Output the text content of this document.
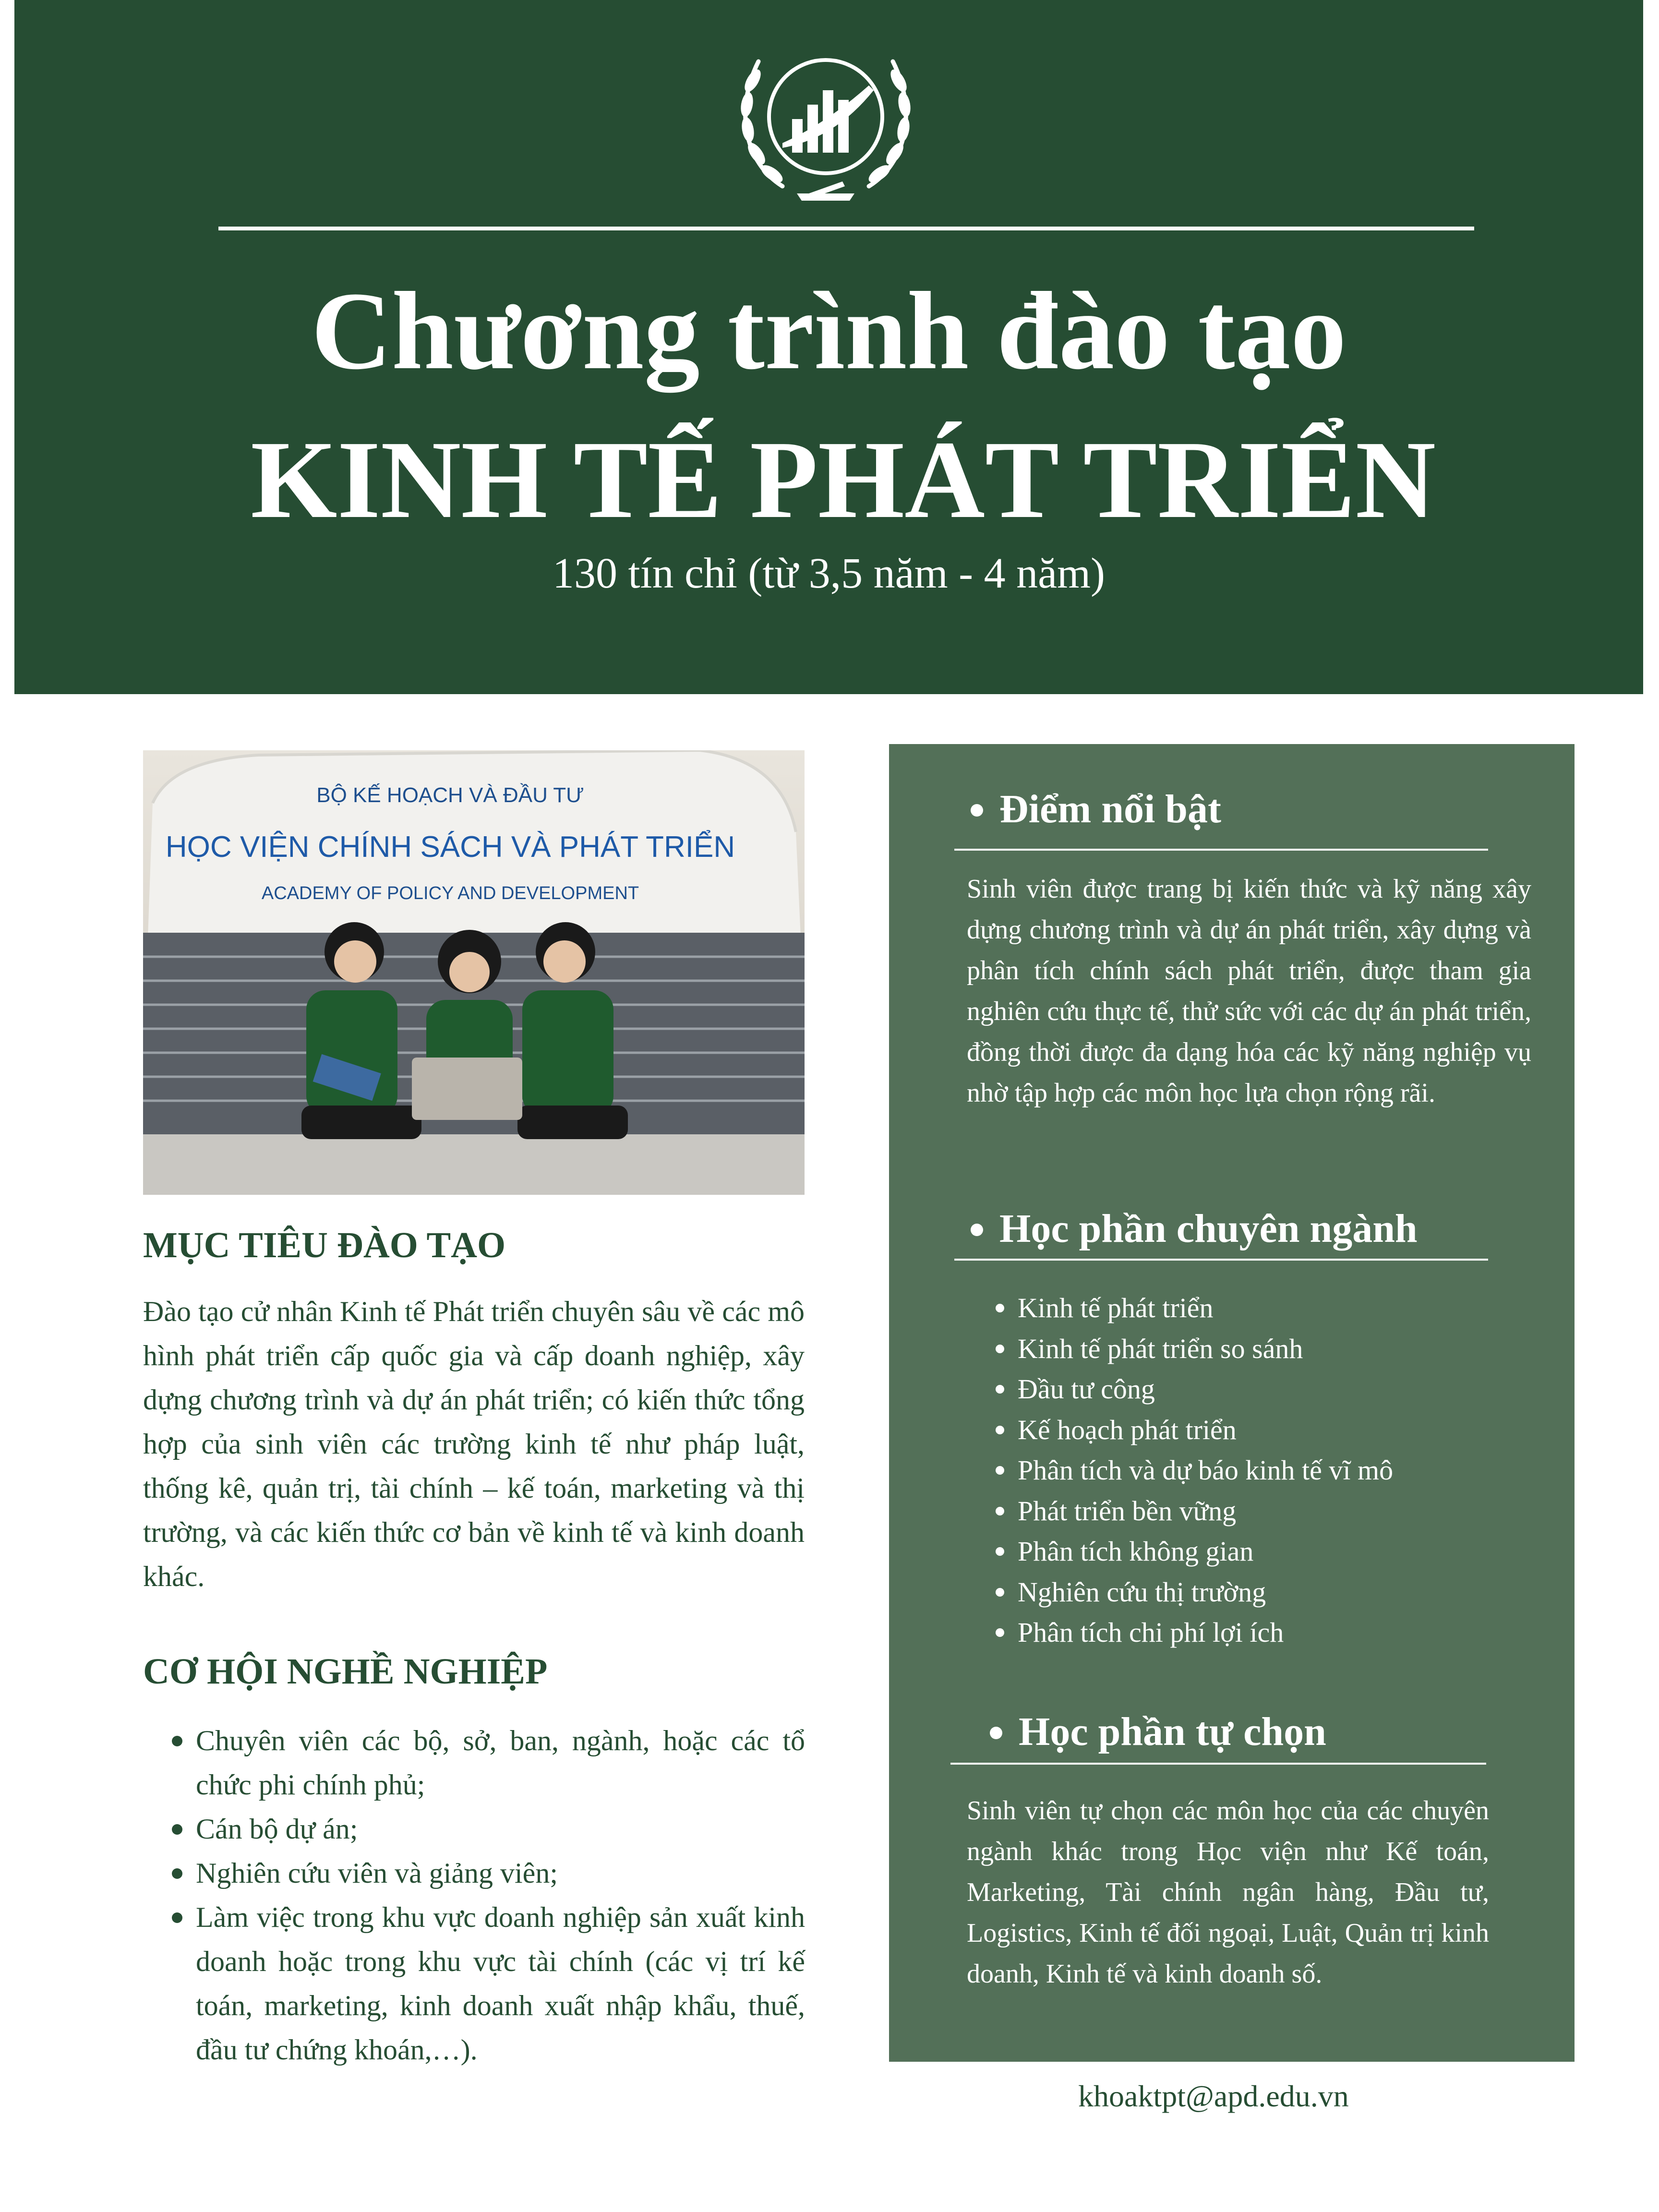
Chương trình đào tạo
KINH TẾ PHÁT TRIỂN
130 tín chỉ (từ 3,5 năm - 4 năm)
BỘ KẾ HOẠCH VÀ ĐẦU TƯ
HỌC VIỆN CHÍNH SÁCH VÀ PHÁT TRIỂN
ACADEMY OF POLICY AND DEVELOPMENT
MỤC TIÊU ĐÀO TẠO
Đào tạo cử nhân Kinh tế Phát triển chuyên sâu về các mô hình phát triển cấp quốc gia và cấp doanh nghiệp, xây dựng chương trình và dự án phát triển; có kiến thức tổng hợp của sinh viên các trường kinh tế như pháp luật, thống kê, quản trị, tài chính – kế toán, marketing và thị trường, và các kiến thức cơ bản về kinh tế và kinh doanh khác.
CƠ HỘI NGHỀ NGHIỆP
Chuyên viên các bộ, sở, ban, ngành, hoặc các tổ chức phi chính phủ;
Cán bộ dự án;
Nghiên cứu viên và giảng viên;
Làm việc trong khu vực doanh nghiệp sản xuất kinh doanh hoặc trong khu vực tài chính (các vị trí kế toán, marketing, kinh doanh xuất nhập khẩu, thuế, đầu tư chứng khoán,…).
Điểm nổi bật
Sinh viên được trang bị kiến thức và kỹ năng xây dựng chương trình và dự án phát triển, xây dựng và phân tích chính sách phát triển, được tham gia nghiên cứu thực tế, thử sức với các dự án phát triển, đồng thời được đa dạng hóa các kỹ năng nghiệp vụ nhờ tập hợp các môn học lựa chọn rộng rãi.
Học phần chuyên ngành
Kinh tế phát triển
Kinh tế phát triển so sánh
Đầu tư công
Kế hoạch phát triển
Phân tích và dự báo kinh tế vĩ mô
Phát triển bền vững
Phân tích không gian
Nghiên cứu thị trường
Phân tích chi phí lợi ích
Học phần tự chọn
Sinh viên tự chọn các môn học của các chuyên ngành khác trong Học viện như Kế toán, Marketing, Tài chính ngân hàng, Đầu tư, Logistics, Kinh tế đối ngoại, Luật, Quản trị kinh doanh, Kinh tế và kinh doanh số.
khoaktpt@apd.edu.vn
